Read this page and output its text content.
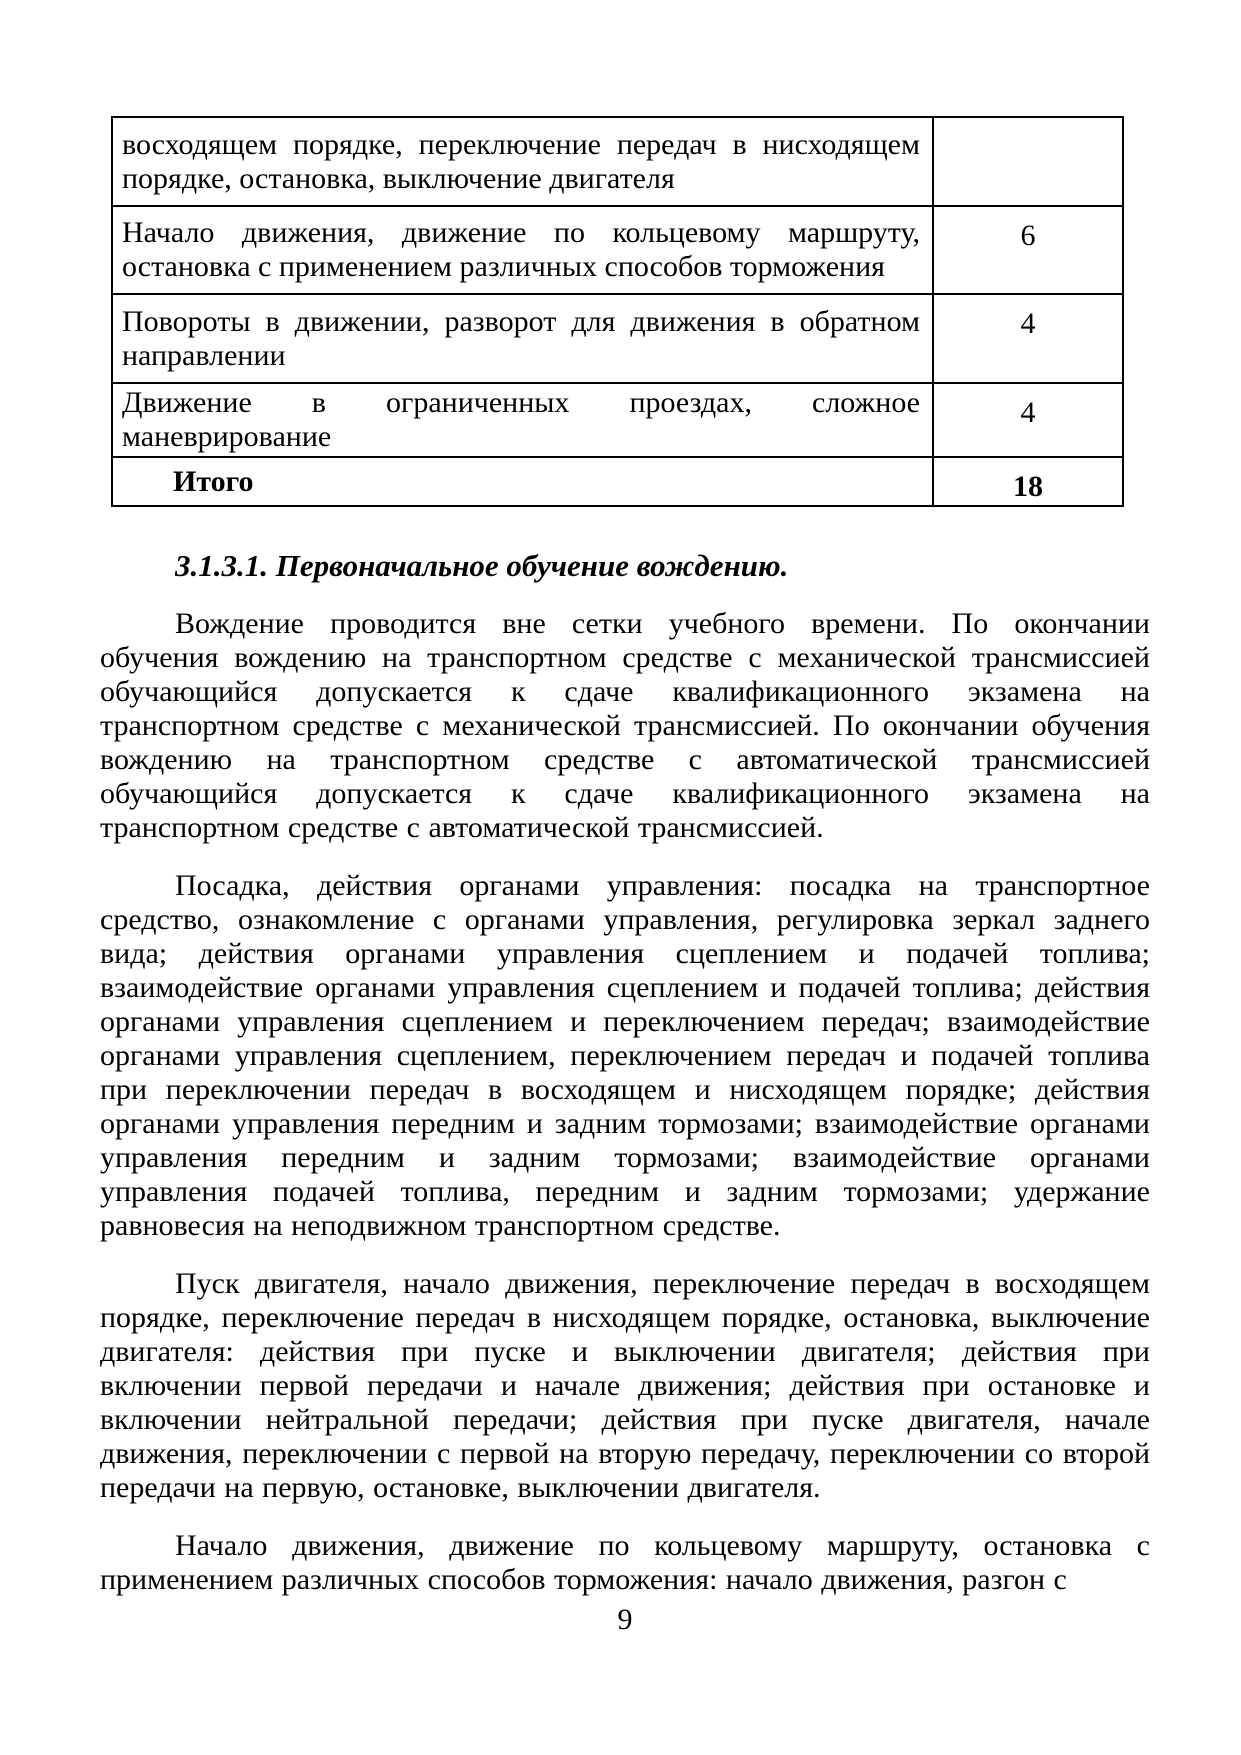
восходящем порядке, переключение передач в нисходящем порядке, остановка, выключение двигателя	
Начало движения, движение по кольцевому маршруту, остановка с применением различных способов торможения	6
Повороты в движении, разворот для движения в обратном направлении	4
Движение в ограниченных проездах, сложное маневрирование	4
Итого	18
3.1.3.1. Первоначальное обучение вождению.

Вождение проводится вне сетки учебного времени. По окончании обучения вождению на транспортном средстве с механической трансмиссией обучающийся допускается к сдаче квалификационного экзамена на транспортном средстве с механической трансмиссией. По окончании обучения вождению на транспортном средстве с автоматической трансмиссией обучающийся допускается к сдаче квалификационного экзамена на транспортном средстве с автоматической трансмиссией.

Посадка, действия органами управления: посадка на транспортное средство, ознакомление с органами управления, регулировка зеркал заднего вида; действия органами управления сцеплением и подачей топлива; взаимодействие органами управления сцеплением и подачей топлива; действия органами управления сцеплением и переключением передач; взаимодействие органами управления сцеплением, переключением передач и подачей топлива при переключении передач в восходящем и нисходящем порядке; действия органами управления передним и задним тормозами; взаимодействие органами управления передним и задним тормозами; взаимодействие органами управления подачей топлива, передним и задним тормозами; удержание равновесия на неподвижном транспортном средстве.

Пуск двигателя, начало движения, переключение передач в восходящем порядке, переключение передач в нисходящем порядке, остановка, выключение двигателя: действия при пуске и выключении двигателя; действия при включении первой передачи и начале движения; действия при остановке и включении нейтральной передачи; действия при пуске двигателя, начале движения, переключении с первой на вторую передачу, переключении со второй передачи на первую, остановке, выключении двигателя.

Начало движения, движение по кольцевому маршруту, остановка с применением различных способов торможения: начало движения, разгон с

9
